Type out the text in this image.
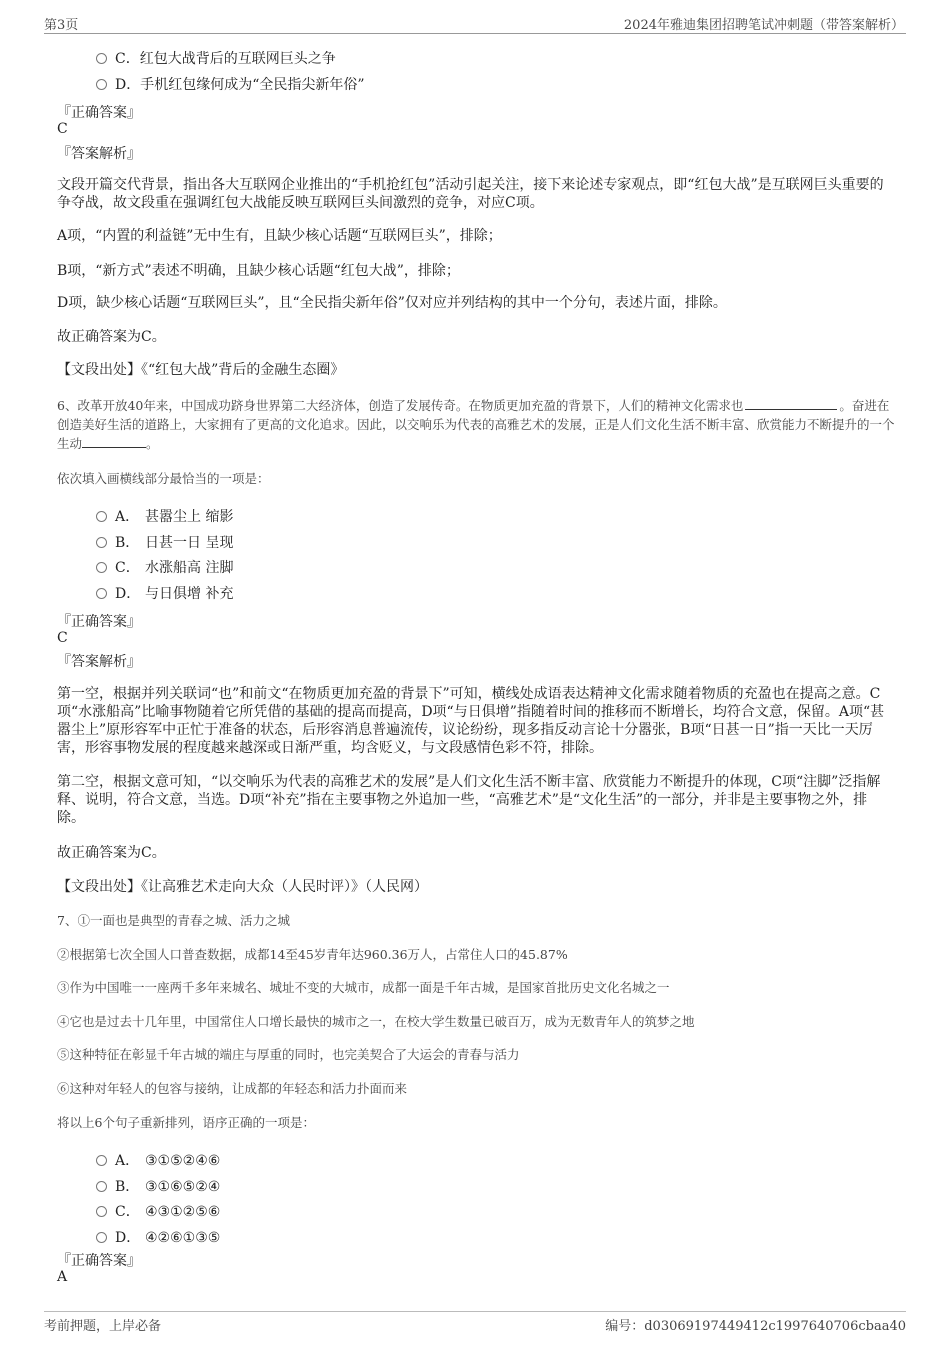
第3页	2024年雅迪集团招聘笔试冲刺题（带答案解析）
C．红包大战背后的互联网巨头之争
D．手机红包缘何成为“全民指尖新年俗”
『正确答案』
C
『答案解析』
文段开篇交代背景，指出各大互联网企业推出的“手机抢红包”活动引起关注，接下来论述专家观点，即“红包大战”是互联网巨头重要的争夺战，故文段重在强调红包大战能反映互联网巨头间激烈的竞争，对应C项。
A项，“内置的利益链”无中生有，且缺少核心话题“互联网巨头”，排除；
B项，“新方式”表述不明确，且缺少核心话题“红包大战”，排除；
D项，缺少核心话题“互联网巨头”，且“全民指尖新年俗”仅对应并列结构的其中一个分句，表述片面，排除。
故正确答案为C。
【文段出处】《“红包大战”背后的金融生态圈》
6、改革开放40年来，中国成功跻身世界第二大经济体，创造了发展传奇。在物质更加充盈的背景下，人们的精神文化需求也	。奋进在创造美好生活的道路上，大家拥有了更高的文化追求。因此，以交响乐为代表的高雅艺术的发展，正是人们文化生活不断丰富、欣赏能力不断提升的一个生动	。
依次填入画横线部分最恰当的一项是：
A． 甚嚣尘上 缩影
B． 日甚一日 呈现
C． 水涨船高 注脚
D． 与日俱增 补充
『正确答案』
C
『答案解析』
第一空，根据并列关联词“也”和前文“在物质更加充盈的背景下”可知，横线处成语表达精神文化需求随着物质的充盈也在提高之意。C项“水涨船高”比喻事物随着它所凭借的基础的提高而提高，D项“与日俱增”指随着时间的推移而不断增长，均符合文意，保留。A项“甚嚣尘上”原形容军中正忙于准备的状态，后形容消息普遍流传，议论纷纷，现多指反动言论十分嚣张，B项“日甚一日”指一天比一天厉害，形容事物发展的程度越来越深或日渐严重，均含贬义，与文段感情色彩不符，排除。
第二空，根据文意可知，“以交响乐为代表的高雅艺术的发展”是人们文化生活不断丰富、欣赏能力不断提升的体现，C项“注脚”泛指解释、说明，符合文意，当选。D项“补充”指在主要事物之外追加一些，“高雅艺术”是“文化生活”的一部分，并非是主要事物之外，排除。
故正确答案为C。
【文段出处】《让高雅艺术走向大众（人民时评）》（人民网）
7、①一面也是典型的青春之城、活力之城
②根据第七次全国人口普查数据，成都14至45岁青年达960.36万人，占常住人口的45.87%
③作为中国唯一一座两千多年来城名、城址不变的大城市，成都一面是千年古城，是国家首批历史文化名城之一
④它也是过去十几年里，中国常住人口增长最快的城市之一，在校大学生数量已破百万，成为无数青年人的筑梦之地
⑤这种特征在彰显千年古城的端庄与厚重的同时，也完美契合了大运会的青春与活力
⑥这种对年轻人的包容与接纳，让成都的年轻态和活力扑面而来
将以上6个句子重新排列，语序正确的一项是：
A． ③①⑤②④⑥
B． ③①⑥⑤②④
C． ④③①②⑤⑥
D． ④②⑥①③⑤
『正确答案』
A
考前押题，上岸必备	编号：d03069197449412c1997640706cbaa40
